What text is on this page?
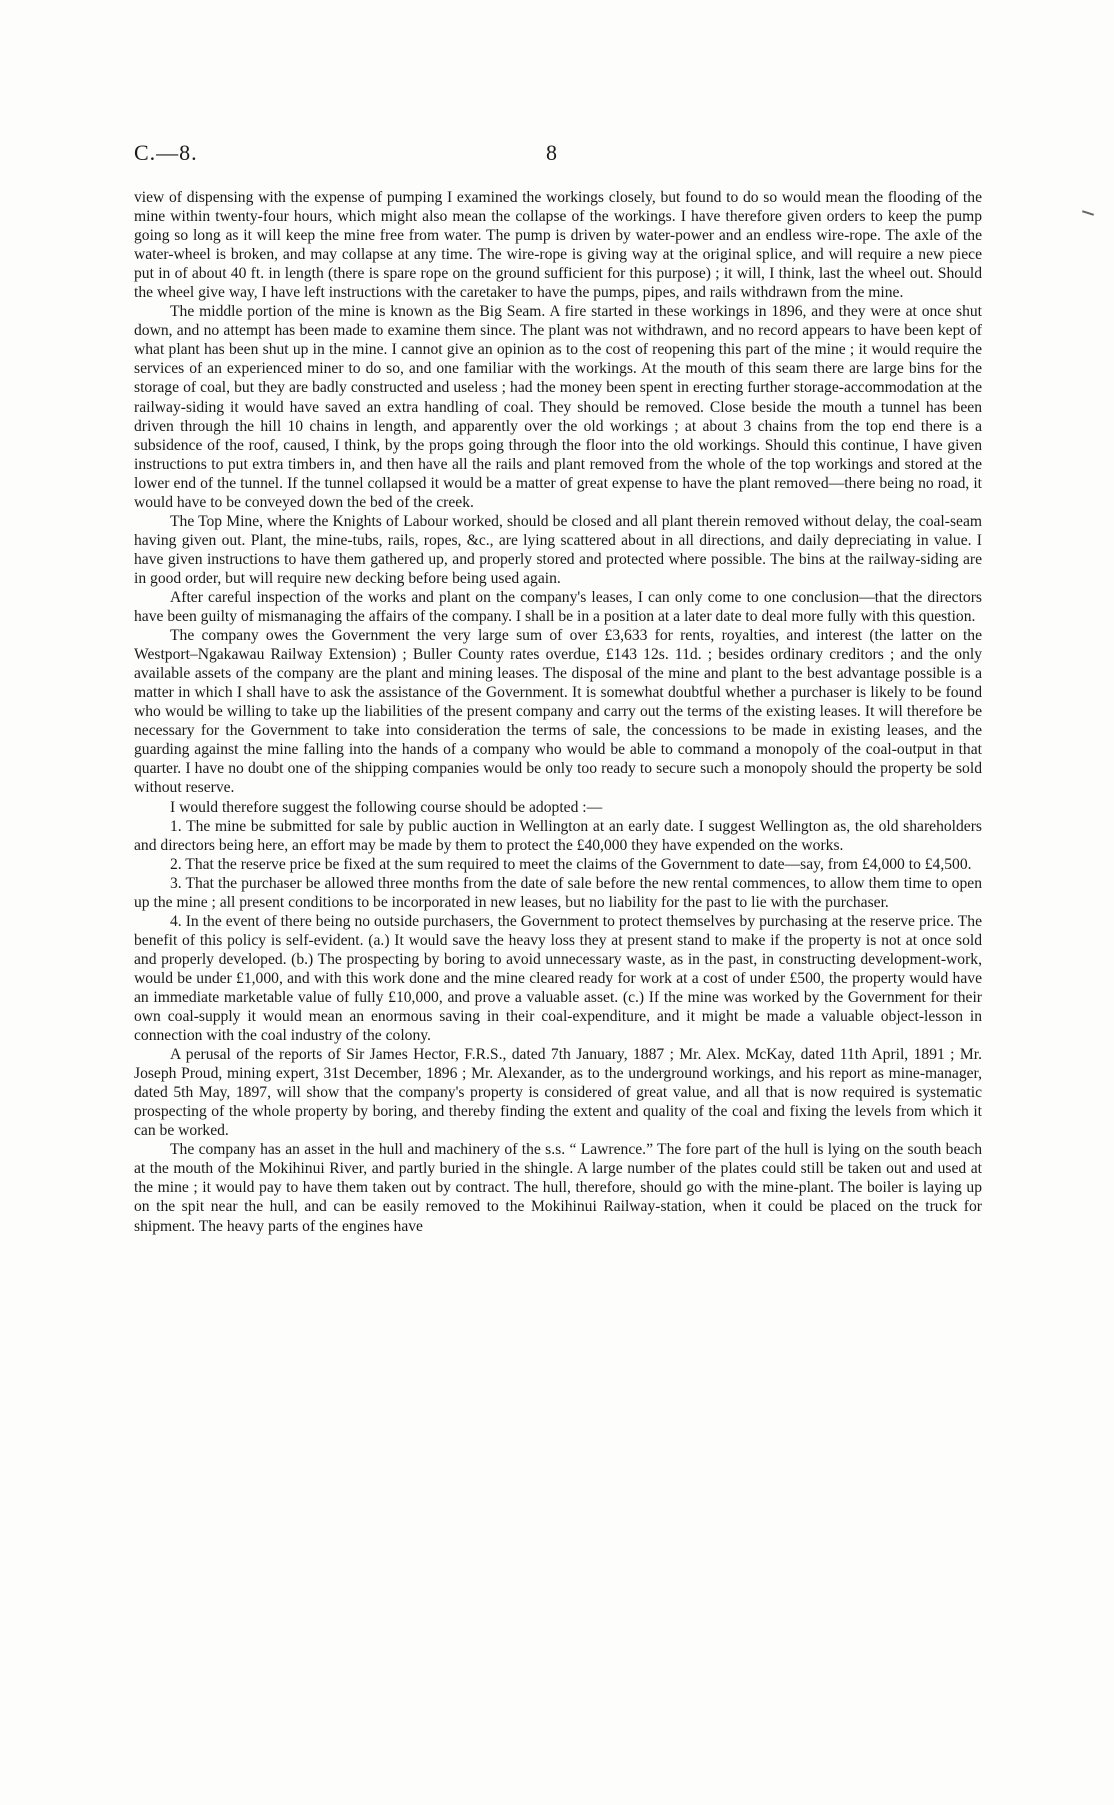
C.—8.	8

view of dispensing with the expense of pumping I examined the workings closely, but found to do so would mean the flooding of the mine within twenty-four hours, which might also mean the collapse of the workings. I have therefore given orders to keep the pump going so long as it will keep the mine free from water. The pump is driven by water-power and an endless wire-rope. The axle of the water-wheel is broken, and may collapse at any time. The wire-rope is giving way at the original splice, and will require a new piece put in of about 40 ft. in length (there is spare rope on the ground sufficient for this purpose) ; it will, I think, last the wheel out. Should the wheel give way, I have left instructions with the caretaker to have the pumps, pipes, and rails withdrawn from the mine.

The middle portion of the mine is known as the Big Seam. A fire started in these workings in 1896, and they were at once shut down, and no attempt has been made to examine them since. The plant was not withdrawn, and no record appears to have been kept of what plant has been shut up in the mine. I cannot give an opinion as to the cost of reopening this part of the mine ; it would require the services of an experienced miner to do so, and one familiar with the workings. At the mouth of this seam there are large bins for the storage of coal, but they are badly constructed and useless ; had the money been spent in erecting further storage-accommodation at the railway-siding it would have saved an extra handling of coal. They should be removed. Close beside the mouth a tunnel has been driven through the hill 10 chains in length, and apparently over the old workings ; at about 3 chains from the top end there is a subsidence of the roof, caused, I think, by the props going through the floor into the old workings. Should this continue, I have given instructions to put extra timbers in, and then have all the rails and plant removed from the whole of the top workings and stored at the lower end of the tunnel. If the tunnel collapsed it would be a matter of great expense to have the plant removed—there being no road, it would have to be conveyed down the bed of the creek.

The Top Mine, where the Knights of Labour worked, should be closed and all plant therein removed without delay, the coal-seam having given out. Plant, the mine-tubs, rails, ropes, &c., are lying scattered about in all directions, and daily depreciating in value. I have given instructions to have them gathered up, and properly stored and protected where possible. The bins at the railway-siding are in good order, but will require new decking before being used again.

After careful inspection of the works and plant on the company's leases, I can only come to one conclusion—that the directors have been guilty of mismanaging the affairs of the company. I shall be in a position at a later date to deal more fully with this question.

The company owes the Government the very large sum of over £3,633 for rents, royalties, and interest (the latter on the Westport–Ngakawau Railway Extension) ; Buller County rates overdue, £143 12s. 11d. ; besides ordinary creditors ; and the only available assets of the company are the plant and mining leases. The disposal of the mine and plant to the best advantage possible is a matter in which I shall have to ask the assistance of the Government. It is somewhat doubtful whether a purchaser is likely to be found who would be willing to take up the liabilities of the present company and carry out the terms of the existing leases. It will therefore be necessary for the Government to take into consideration the terms of sale, the concessions to be made in existing leases, and the guarding against the mine falling into the hands of a company who would be able to command a monopoly of the coal-output in that quarter. I have no doubt one of the shipping companies would be only too ready to secure such a monopoly should the property be sold without reserve.

I would therefore suggest the following course should be adopted :—

1. The mine be submitted for sale by public auction in Wellington at an early date. I suggest Wellington as, the old shareholders and directors being here, an effort may be made by them to protect the £40,000 they have expended on the works.

2. That the reserve price be fixed at the sum required to meet the claims of the Government to date—say, from £4,000 to £4,500.

3. That the purchaser be allowed three months from the date of sale before the new rental commences, to allow them time to open up the mine ; all present conditions to be incorporated in new leases, but no liability for the past to lie with the purchaser.

4. In the event of there being no outside purchasers, the Government to protect themselves by purchasing at the reserve price. The benefit of this policy is self-evident. (a.) It would save the heavy loss they at present stand to make if the property is not at once sold and properly developed. (b.) The prospecting by boring to avoid unnecessary waste, as in the past, in constructing development-work, would be under £1,000, and with this work done and the mine cleared ready for work at a cost of under £500, the property would have an immediate marketable value of fully £10,000, and prove a valuable asset. (c.) If the mine was worked by the Government for their own coal-supply it would mean an enormous saving in their coal-expenditure, and it might be made a valuable object-lesson in connection with the coal industry of the colony.

A perusal of the reports of Sir James Hector, F.R.S., dated 7th January, 1887 ; Mr. Alex. McKay, dated 11th April, 1891 ; Mr. Joseph Proud, mining expert, 31st December, 1896 ; Mr. Alexander, as to the underground workings, and his report as mine-manager, dated 5th May, 1897, will show that the company's property is considered of great value, and all that is now required is systematic prospecting of the whole property by boring, and thereby finding the extent and quality of the coal and fixing the levels from which it can be worked.

The company has an asset in the hull and machinery of the s.s. “ Lawrence.” The fore part of the hull is lying on the south beach at the mouth of the Mokihinui River, and partly buried in the shingle. A large number of the plates could still be taken out and used at the mine ; it would pay to have them taken out by contract. The hull, therefore, should go with the mine-plant. The boiler is laying up on the spit near the hull, and can be easily removed to the Mokihinui Railway-station, when it could be placed on the truck for shipment. The heavy parts of the engines have
